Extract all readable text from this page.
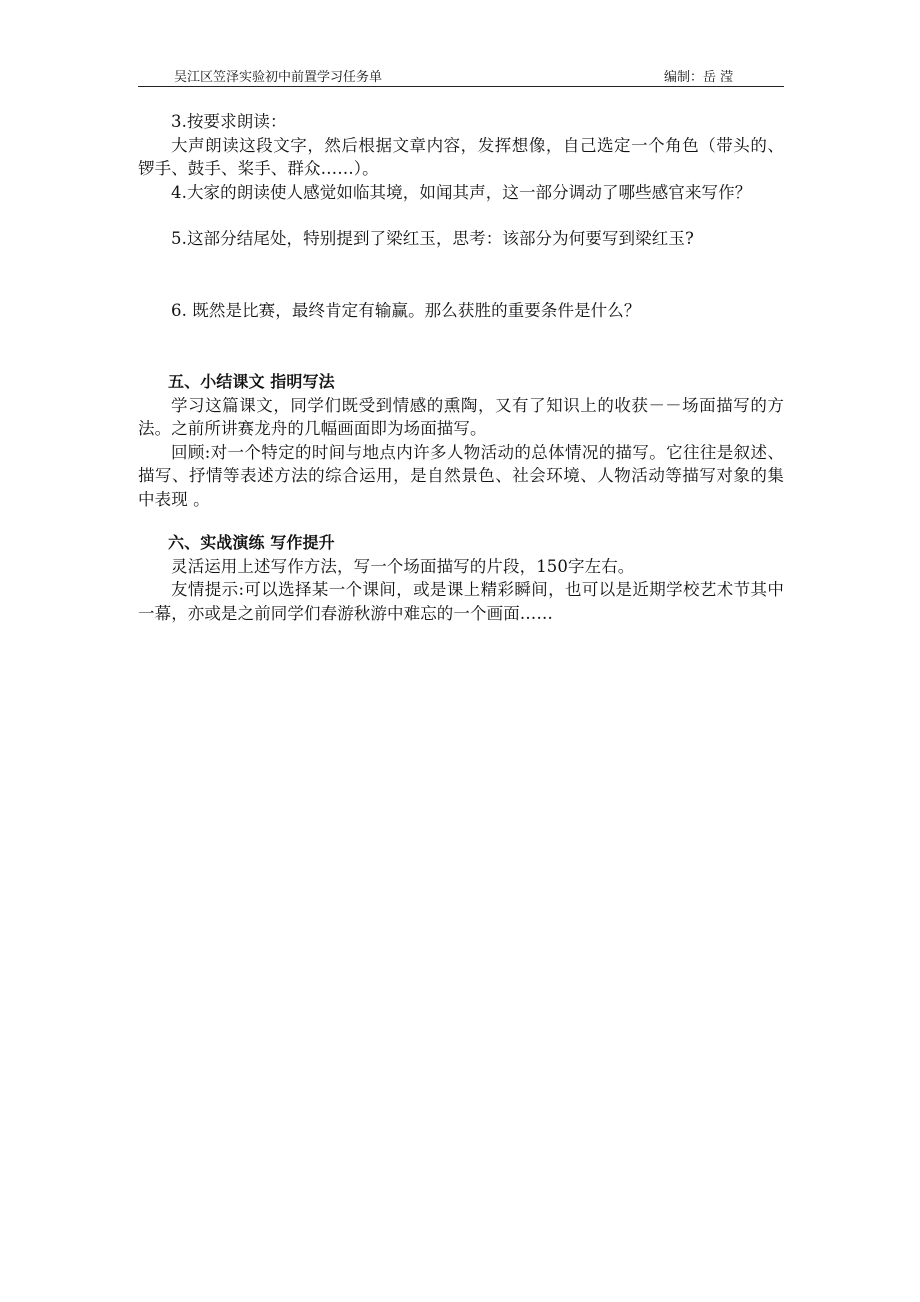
吴江区笠泽实验初中前置学习任务单	编制：岳 滢

3.按要求朗读：

大声朗读这段文字，然后根据文章内容，发挥想像，自己选定一个角色（带头的、锣手、鼓手、桨手、群众……）。

4.大家的朗读使人感觉如临其境，如闻其声，这一部分调动了哪些感官来写作？

5.这部分结尾处，特别提到了梁红玉，思考：该部分为何要写到梁红玉?

6. 既然是比赛，最终肯定有输赢。那么获胜的重要条件是什么？

五、小结课文 指明写法

学习这篇课文，同学们既受到情感的熏陶，又有了知识上的收获－－场面描写的方法。之前所讲赛龙舟的几幅画面即为场面描写。

回顾:对一个特定的时间与地点内许多人物活动的总体情况的描写。它往往是叙述、描写、抒情等表述方法的综合运用，是自然景色、社会环境、人物活动等描写对象的集中表现 。

六、实战演练 写作提升

灵活运用上述写作方法，写一个场面描写的片段，150字左右。

友情提示:可以选择某一个课间，或是课上精彩瞬间，也可以是近期学校艺术节其中一幕，亦或是之前同学们春游秋游中难忘的一个画面……
